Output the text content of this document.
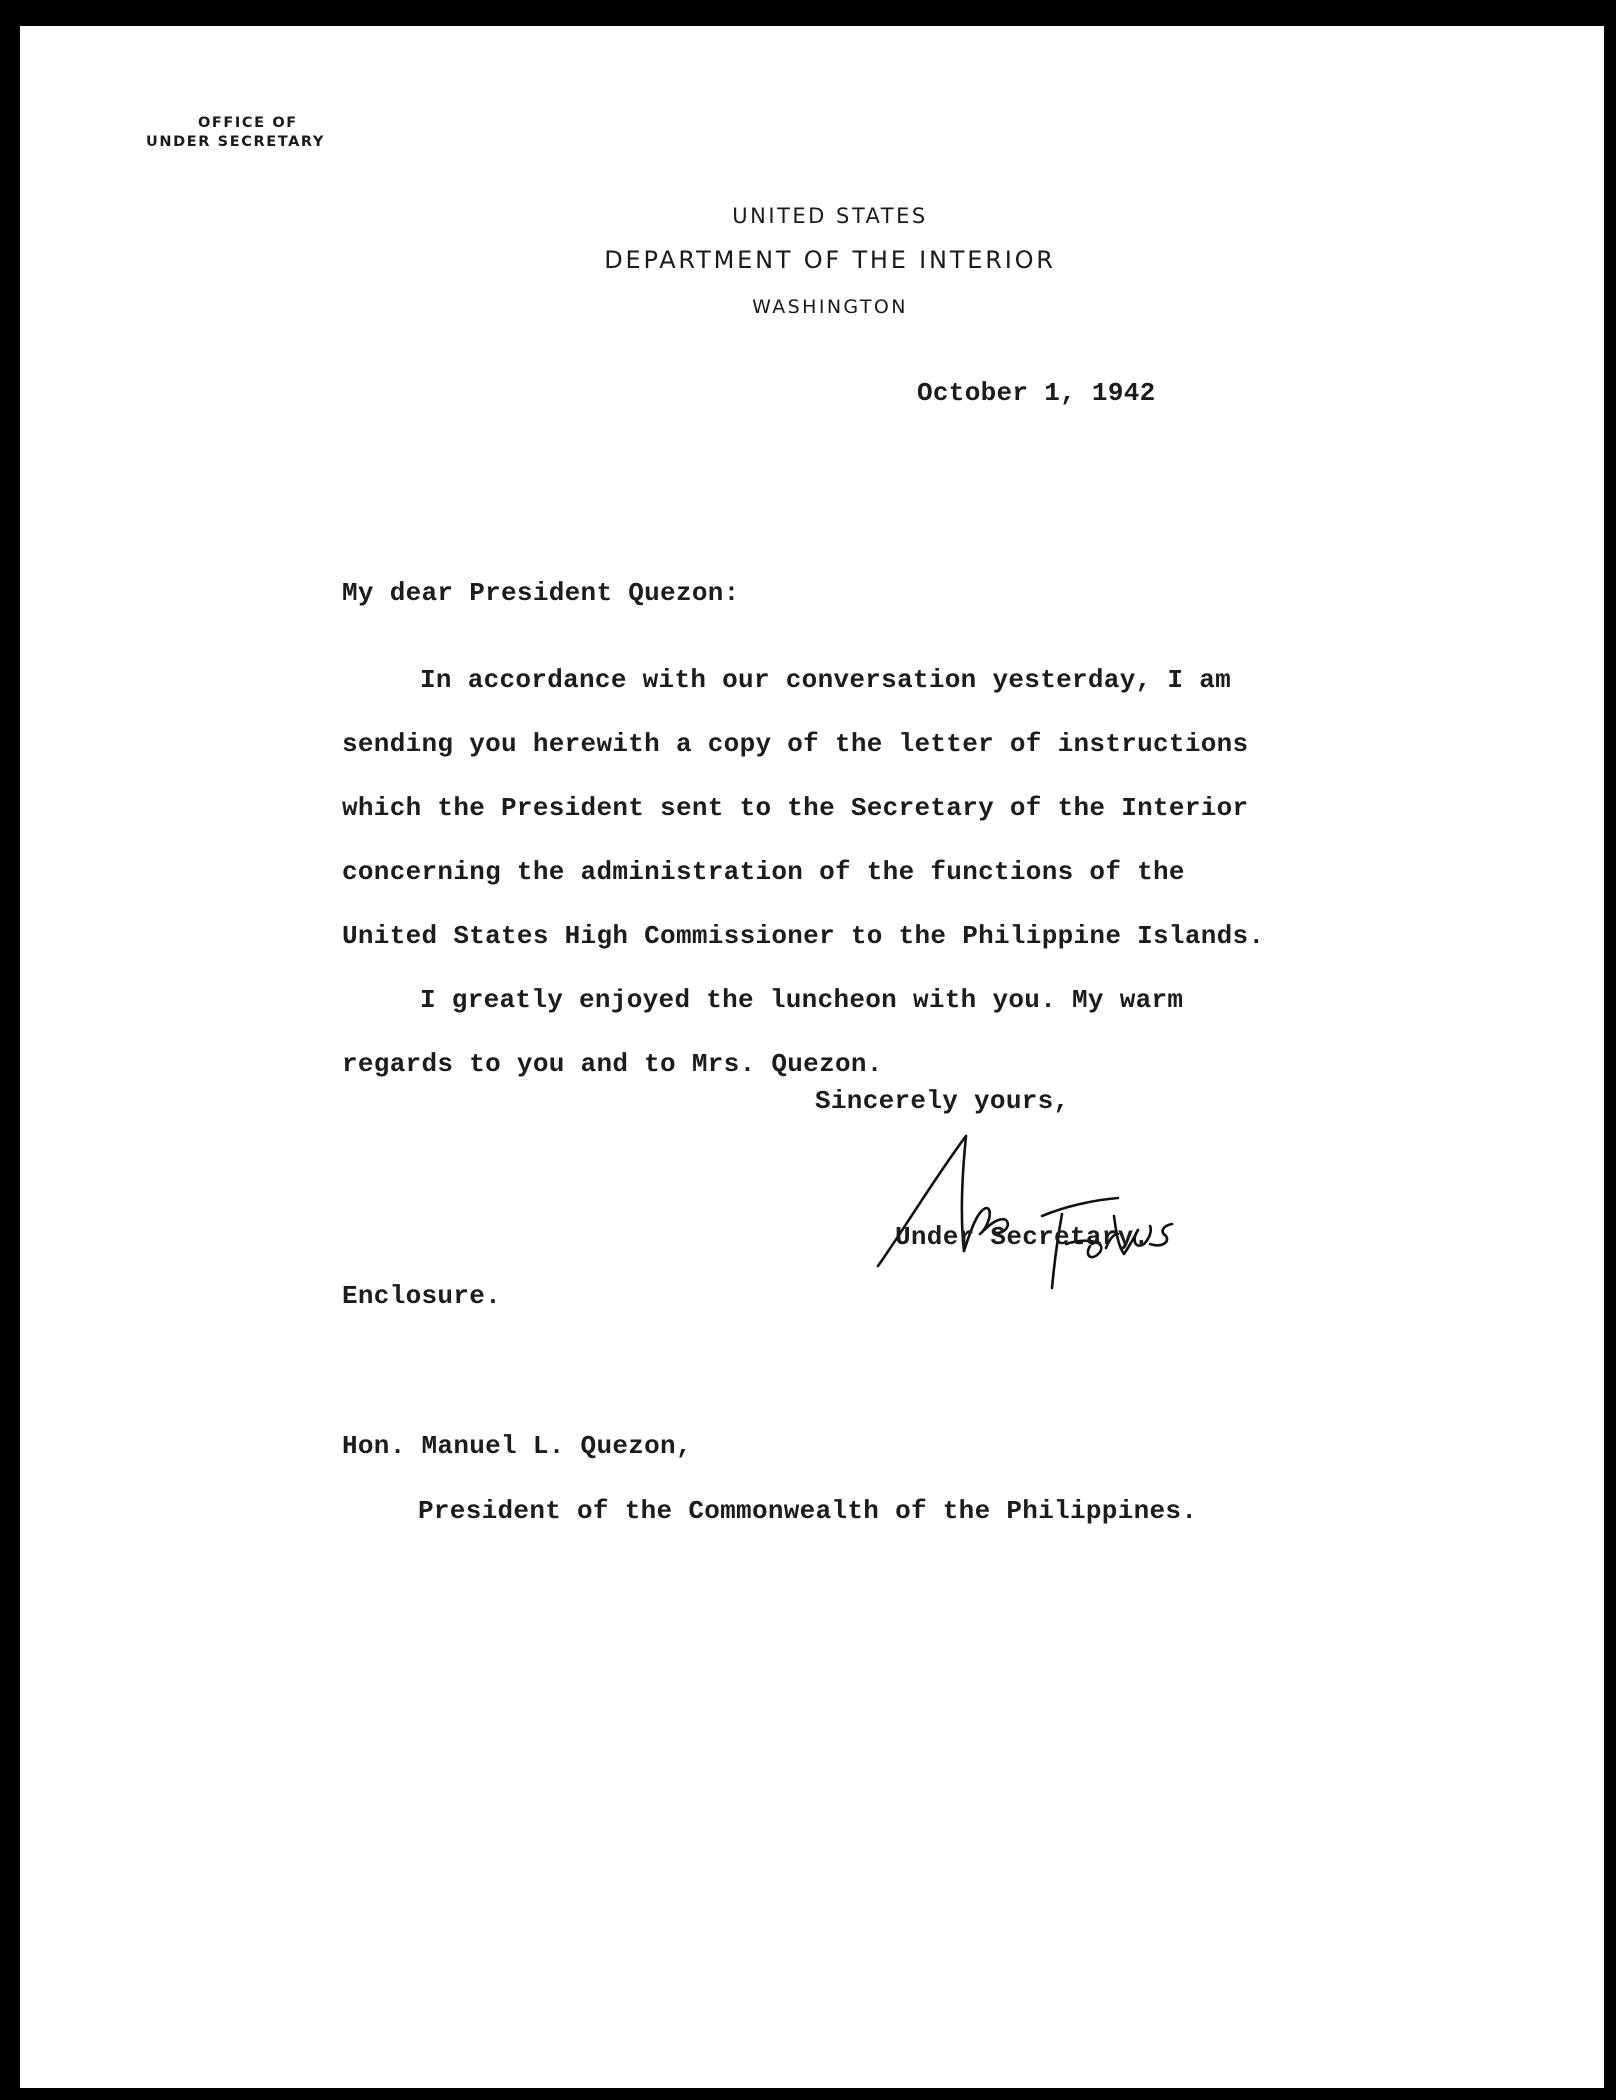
OFFICE OF
UNDER SECRETARY
UNITED STATES
DEPARTMENT OF THE INTERIOR
WASHINGTON
October 1, 1942
My dear President Quezon:
In accordance with our conversation yesterday, I am
sending you herewith a copy of the letter of instructions
which the President sent to the Secretary of the Interior
concerning the administration of the functions of the
United States High Commissioner to the Philippine Islands.
I greatly enjoyed the luncheon with you. My warm
regards to you and to Mrs. Quezon.
Sincerely yours,
Under Secretary.
Enclosure.
Hon. Manuel L. Quezon,
President of the Commonwealth of the Philippines.
